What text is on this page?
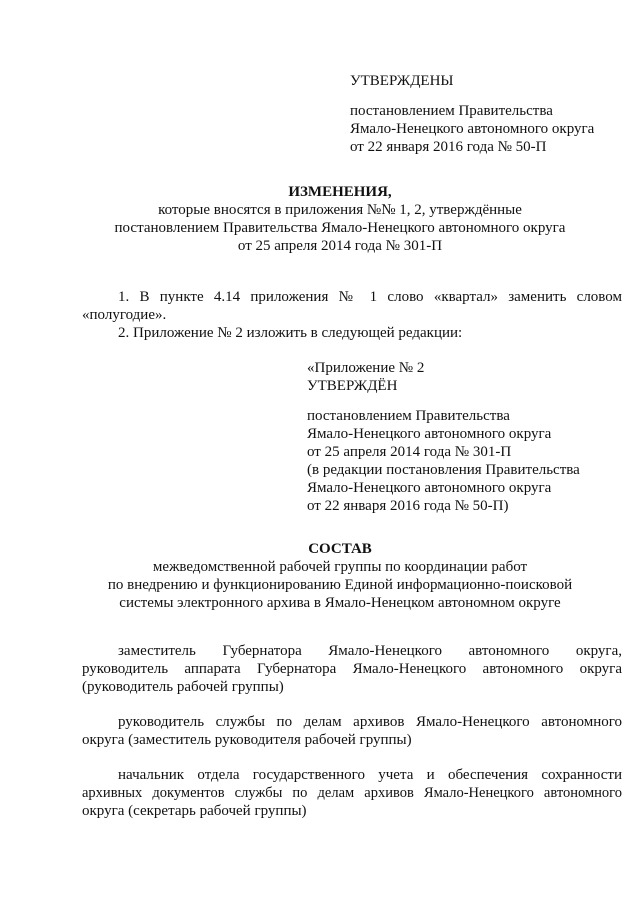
УТВЕРЖДЕНЫ
постановлением Правительства
Ямало-Ненецкого автономного округа
от 22 января 2016 года № 50-П
ИЗМЕНЕНИЯ,
которые вносятся в приложения №№ 1, 2, утверждённые
постановлением Правительства Ямало-Ненецкого автономного округа
от 25 апреля 2014 года № 301-П
1. В пункте 4.14 приложения № 1 слово «квартал» заменить словом
«полугодие».
2. Приложение № 2 изложить в следующей редакции:
«Приложение № 2
УТВЕРЖДЁН
постановлением Правительства
Ямало-Ненецкого автономного округа
от 25 апреля 2014 года № 301-П
(в редакции постановления Правительства
Ямало-Ненецкого автономного округа
от 22 января 2016 года № 50-П)
СОСТАВ
межведомственной рабочей группы по координации работ
по внедрению и функционированию Единой информационно-поисковой
системы электронного архива в Ямало-Ненецком автономном округе
заместитель Губернатора Ямало-Ненецкого автономного округа,
руководитель аппарата Губернатора Ямало-Ненецкого автономного округа
(руководитель рабочей группы)
руководитель службы по делам архивов Ямало-Ненецкого автономного
округа (заместитель руководителя рабочей группы)
начальник отдела государственного учета и обеспечения сохранности
архивных документов службы по делам архивов Ямало-Ненецкого автономного
округа (секретарь рабочей группы)
